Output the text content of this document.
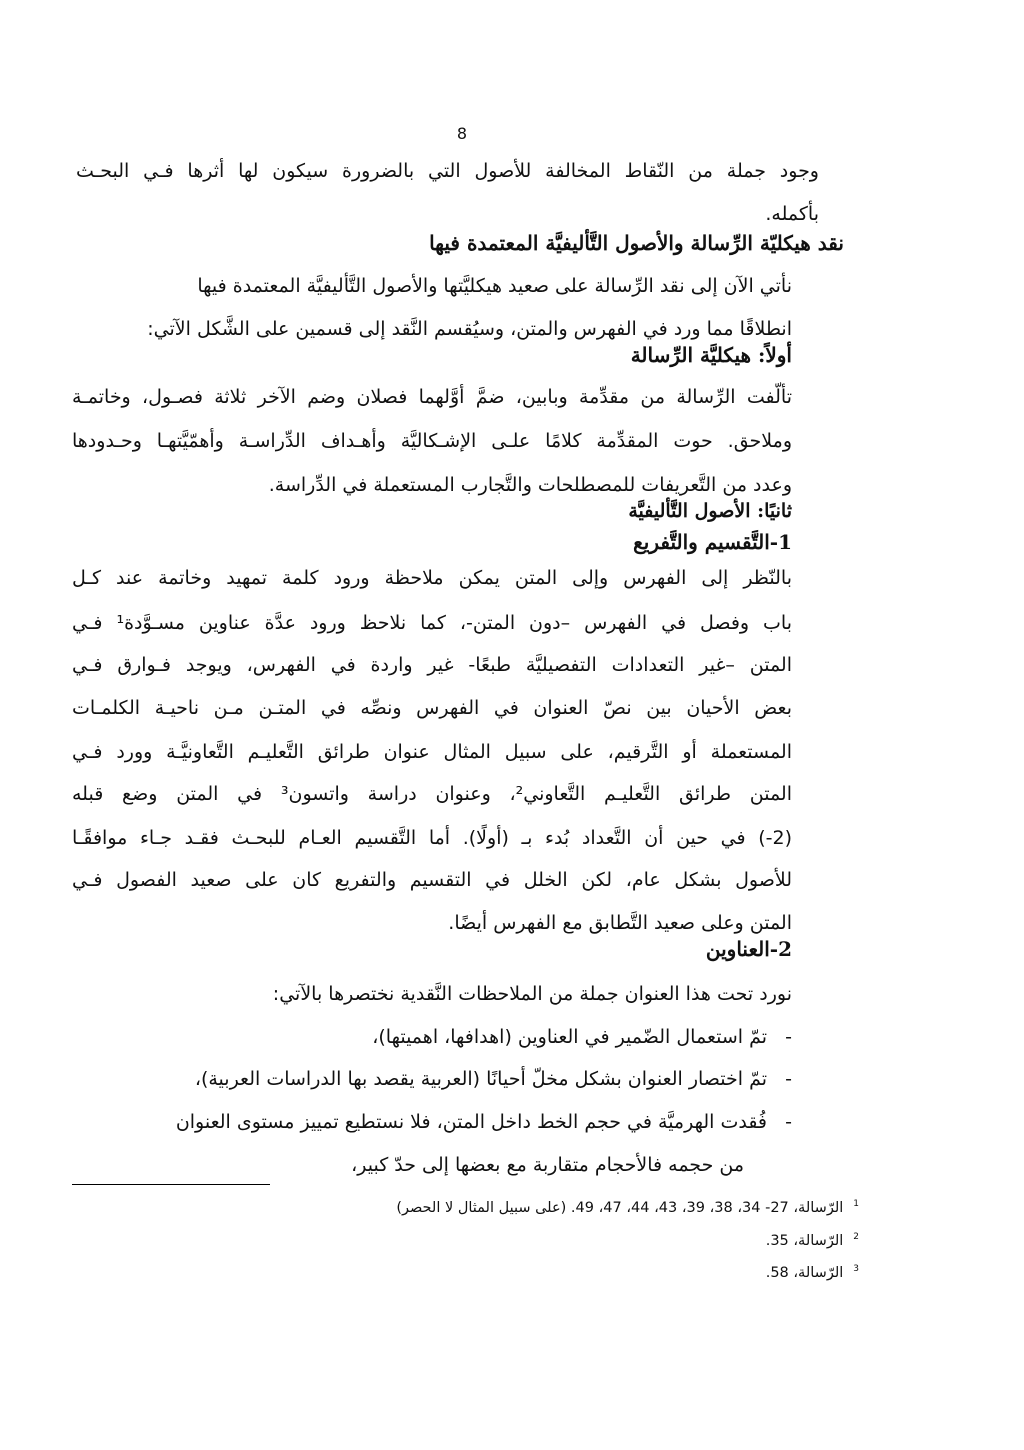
8
وجود جملة من النّقاط المخالفة للأصول التي بالضرورة سيكون لها أثرها فـي البحـث
بأكمله.
نقد هيكليّة الرِّسالة والأصول التَّأليفيَّة المعتمدة فيها
نأتي الآن إلى نقد الرِّسالة على صعيد هيكليَّتها والأصول التَّأليفيَّة المعتمدة فيها
انطلاقًا مما ورد في الفهرس والمتن، وسيُقسم النَّقد إلى قسمين على الشَّكل الآتي:
أولاً: هيكليَّة الرِّسالة
تألّفت الرِّسالة من مقدِّمة وبابين، ضمَّ أوَّلهما فصلان وضم الآخر ثلاثة فصـول، وخاتمـة
وملاحق. حوت المقدِّمة كلامًا علـى الإشـكاليَّة وأهـداف الدِّراسـة وأهمّيَّتهـا وحـدودها
وعدد من التَّعريفات للمصطلحات والتَّجارب المستعملة في الدِّراسة.
ثانيًا: الأصول التَّأليفيَّة
1-التَّقسيم والتَّفريع
بالنّظر إلى الفهرس وإلى المتن يمكن ملاحظة ورود كلمة تمهيد وخاتمة عند كـل
باب وفصل في الفهرس –دون المتن-، كما نلاحظ ورود عدَّة عناوين مسـوَّدة¹ فـي
المتن –غير التعدادات التفصيليَّة طبعًا- غير واردة في الفهرس، ويوجد فـوارق فـي
بعض الأحيان بين نصّ العنوان في الفهرس ونصِّه في المتـن مـن ناحيـة الكلمـات
المستعملة أو التَّرقيم، على سبيل المثال عنوان طرائق التَّعليـم التَّعاونيَّـة وورد فـي
المتن طرائق التَّعليـم التَّعاوني²، وعنوان دراسة واتسون³ في المتن وضع قبله
(2-) في حين أن التَّعداد بُدء بـ (أولًا). أما التَّقسيم العـام للبحـث فقـد جـاء موافقًـا
للأصول بشكل عام، لكن الخلل في التقسيم والتفريع كان على صعيد الفصول فـي
المتن وعلى صعيد التَّطابق مع الفهرس أيضًا.
2-العناوين
نورد تحت هذا العنوان جملة من الملاحظات النَّقدية نختصرها بالآتي:
-   تمّ استعمال الضّمير في العناوين (اهدافها، اهميتها)،
-   تمّ اختصار العنوان بشكل مخلّ أحيانًا (العربية يقصد بها الدراسات العربية)،
-   فُقدت الهرميَّة في حجم الخط داخل المتن، فلا نستطيع تمييز مستوى العنوان
من حجمه فالأحجام متقاربة مع بعضها إلى حدّ كبير،
$^1$الرّسالة، 27- 34، 38، 39، 43، 44، 47، 49. (على سبيل المثال لا الحصر)
$^2$الرّسالة، 35.
$^3$الرّسالة، 58.
